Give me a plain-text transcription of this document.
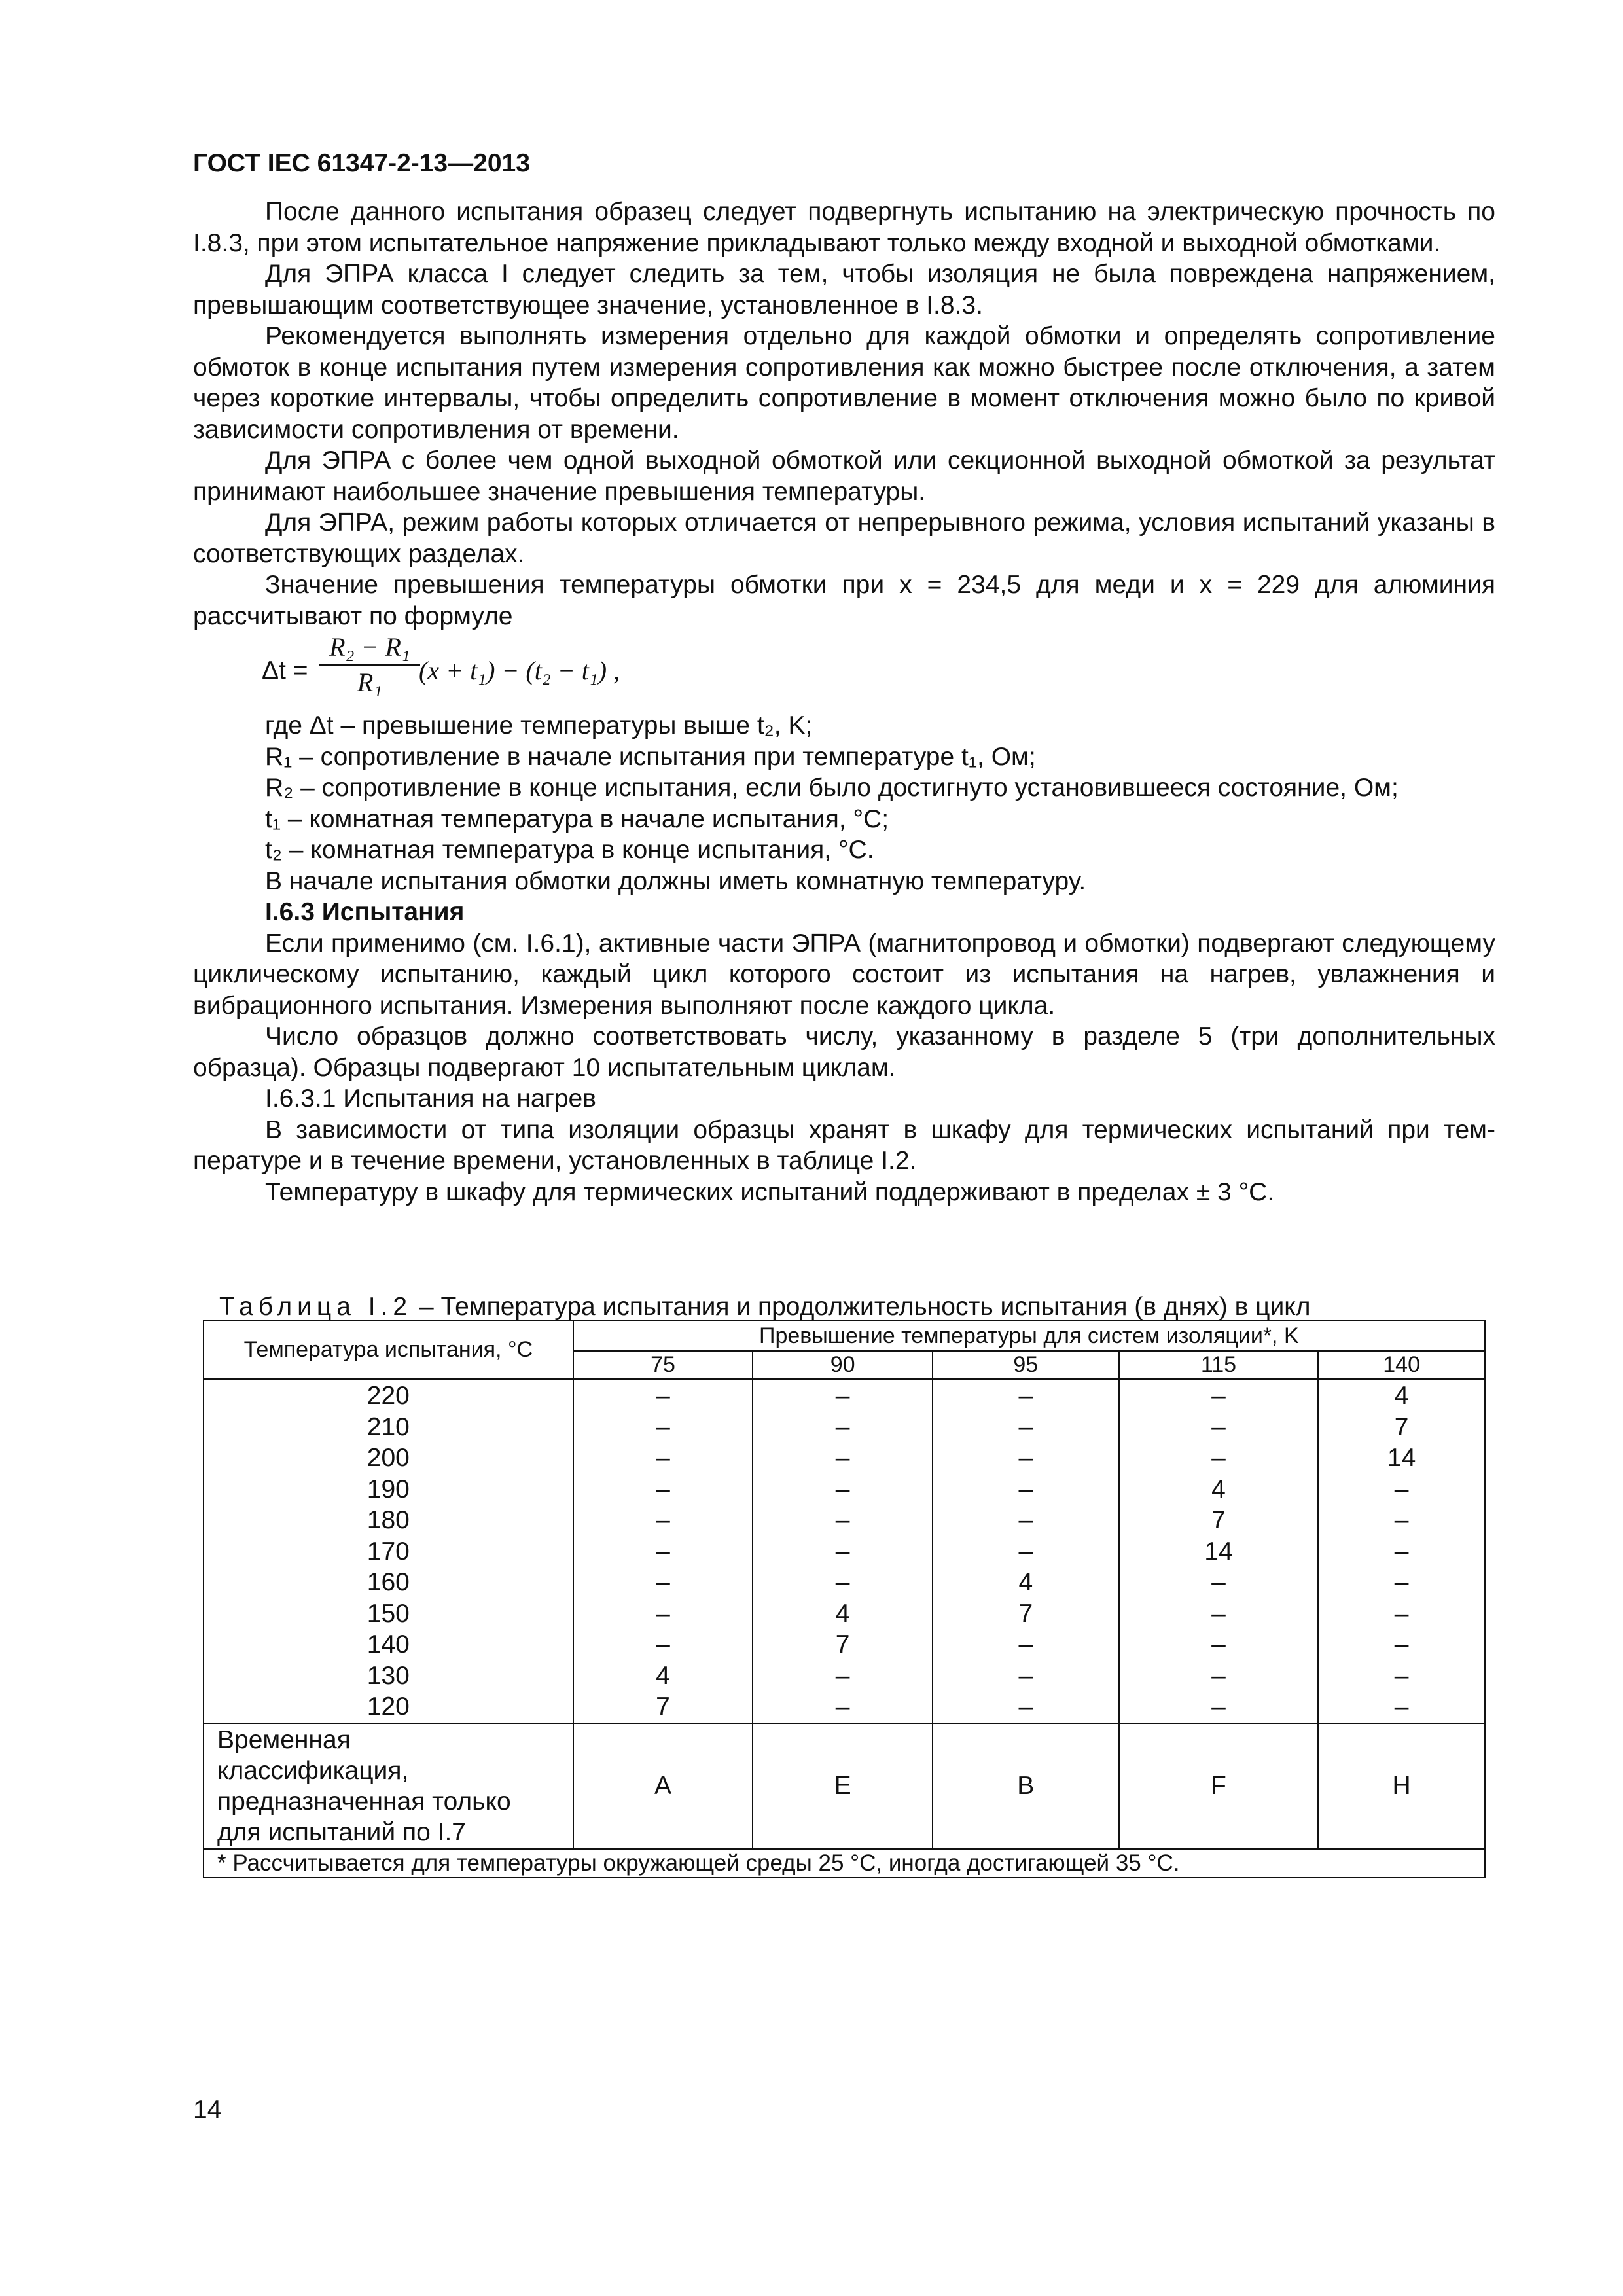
ГОСТ IEC 61347-2-13—2013

После данного испытания образец следует подвергнуть испытанию на электрическую прочность по I.8.3, при этом испытательное напряжение прикладывают только между входной и выходной обмотками.

Для ЭПРА класса I следует следить за тем, чтобы изоляция не была повреждена напряжением, превышающим соответствующее значение, установленное в I.8.3.

Рекомендуется выполнять измерения отдельно для каждой обмотки и определять сопротивление обмоток в конце испытания путем измерения сопротивления как можно быстрее после отключения, а затем через короткие интервалы, чтобы определить сопротивление в момент отключения можно было по кривой зависимости сопротивления от времени.

Для ЭПРА с более чем одной выходной обмоткой или секционной выходной обмоткой за результат принимают наибольшее значение превышения температуры.

Для ЭПРА, режим работы которых отличается от непрерывного режима, условия испытаний указаны в соответствующих разделах.

Значение превышения температуры обмотки при x = 234,5 для меди и x = 229 для алюминия рассчитывают по формуле

Δt =
R₂ − R₁
R₁	(x + t₁) − (t₂ − t₁) ,

где Δt – превышение температуры выше t₂, K;

R₁ – сопротивление в начале испытания при температуре t₁, Ом;

R₂ – сопротивление в конце испытания, если было достигнуто установившееся состояние, Ом;

t₁ – комнатная температура в начале испытания, °C;

t₂ – комнатная температура в конце испытания, °C.

В начале испытания обмотки должны иметь комнатную температуру.

I.6.3 Испытания

Если применимо (см. I.6.1), активные части ЭПРА (магнитопровод и обмотки) подвергают следующему циклическому испытанию, каждый цикл которого состоит из испытания на нагрев, увлажнения и вибрационного испытания. Измерения выполняют после каждого цикла.

Число образцов должно соответствовать числу, указанному в разделе 5 (три дополнительных образца). Образцы подвергают 10 испытательным циклам.

I.6.3.1 Испытания на нагрев

В зависимости от типа изоляции образцы хранят в шкафу для термических испытаний при температуре и в течение времени, установленных в таблице I.2.

Температуру в шкафу для термических испытаний поддерживают в пределах ± 3 °C.

Таблица I.2 – Температура испытания и продолжительность испытания (в днях) в цикл
Температура испытания, °C	Превышение температуры для систем изоляции*, K				
	75	90	95	115	140
220	–	–	–	–	4
210	–	–	–	–	7
200	–	–	–	–	14
190	–	–	–	4	–
180	–	–	–	7	–
170	–	–	–	14	–
160	–	–	4	–	–
150	–	4	7	–	–
140	–	7	–	–	–
130	4	–	–	–	–
120	7	–	–	–	–
Временная
классификация,
предназначенная только
для испытаний по I.7	A	E	B	F	H
* Рассчитывается для температуры окружающей среды 25 °C, иногда достигающей 35 °C.					
14
